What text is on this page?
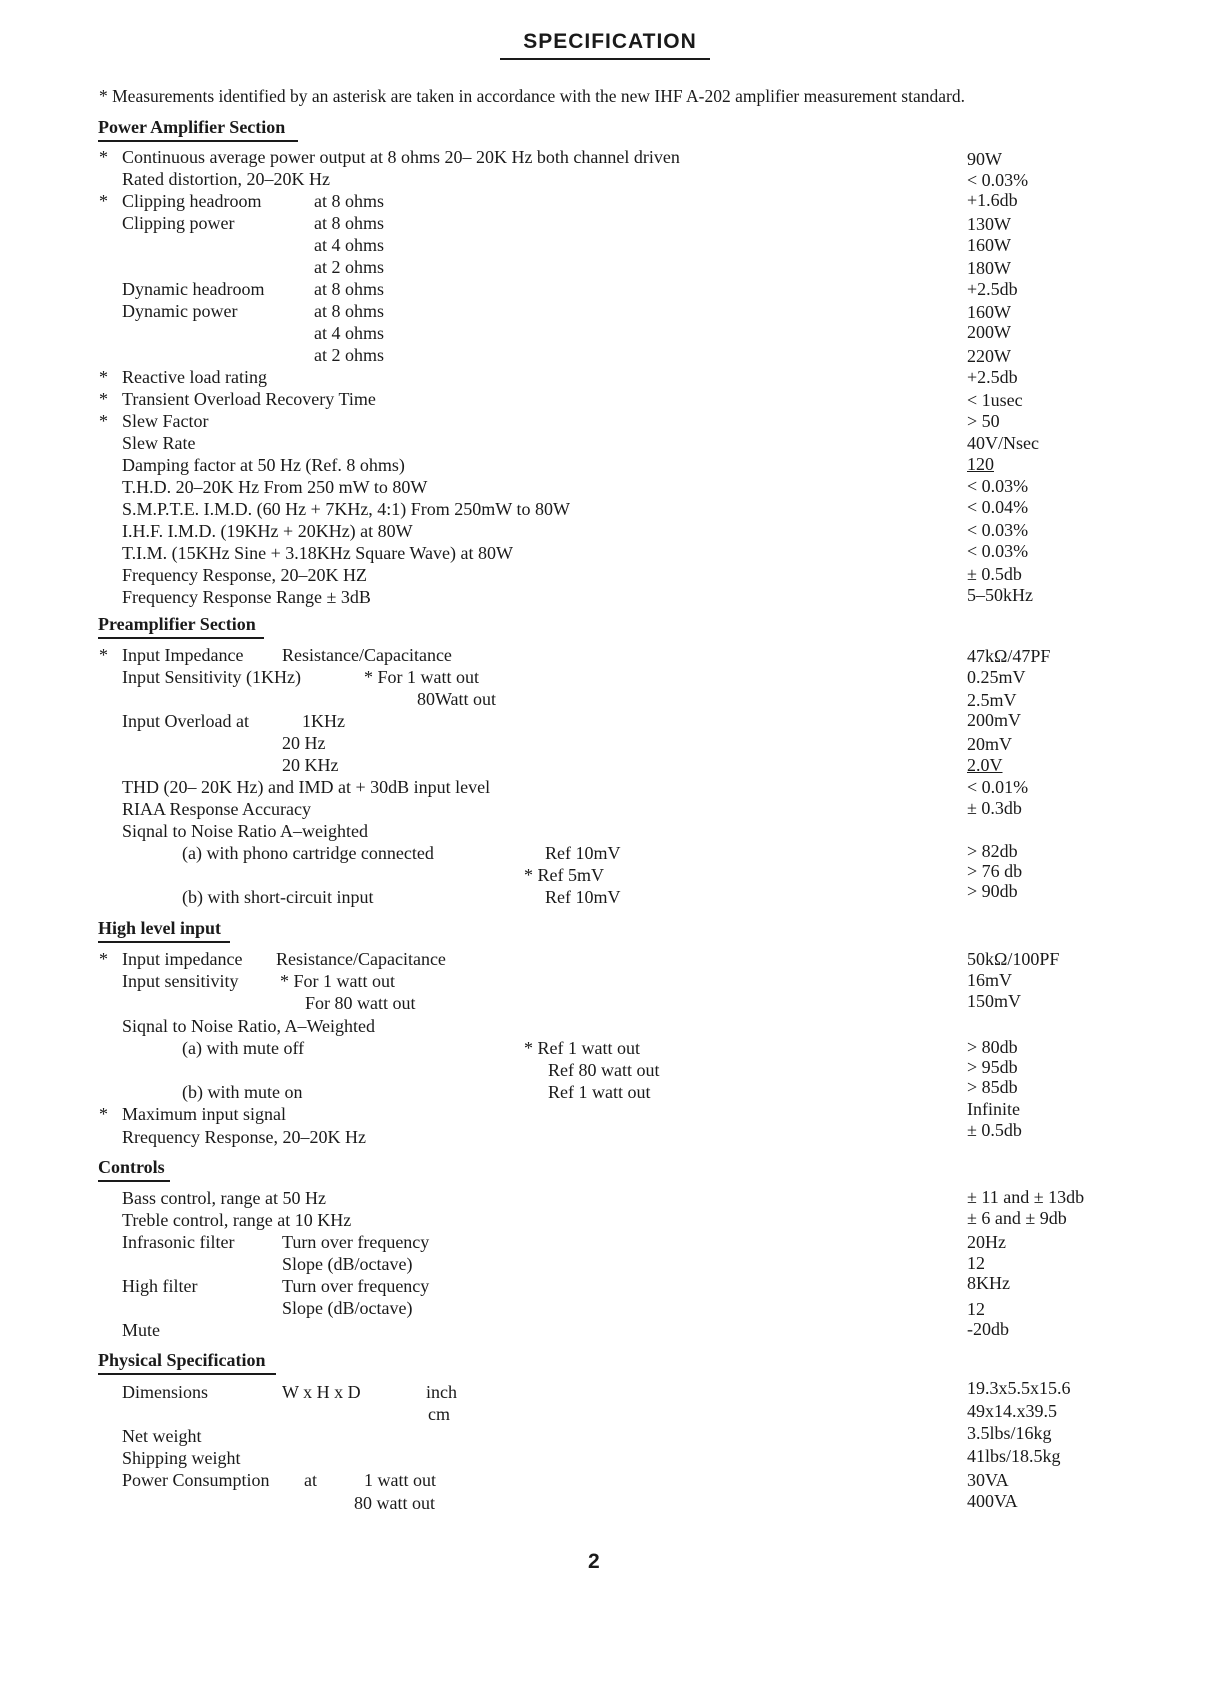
SPECIFICATION
* Measurements identified by an asterisk are taken in accordance with the new IHF A-202 amplifier measurement standard.
Power Amplifier Section
* Continuous average power output at 8 ohms 20– 20K Hz both channel driven	90W
Rated distortion, 20–20K Hz	< 0.03%
* Clipping headroom	at 8 ohms	+1.6db
Clipping power	at 8 ohms	130W
at 4 ohms	160W
at 2 ohms	180W
Dynamic headroom	at 8 ohms	+2.5db
Dynamic power	at 8 ohms	160W
at 4 ohms	200W
at 2 ohms	220W
* Reactive load rating	+2.5db
* Transient Overload Recovery Time	< 1usec
* Slew Factor	> 50
Slew Rate	40V/Nsec
Damping factor at 50 Hz (Ref. 8 ohms)	120
T.H.D. 20–20K Hz From 250 mW to 80W	< 0.03%
S.M.P.T.E. I.M.D. (60 Hz + 7KHz, 4:1) From 250mW to 80W	< 0.04%
I.H.F. I.M.D. (19KHz + 20KHz) at 80W	< 0.03%
T.I.M. (15KHz Sine + 3.18KHz Square Wave) at 80W	< 0.03%
Frequency Response, 20–20K HZ	± 0.5db
Frequency Response Range ± 3dB	5–50kHz
Preamplifier Section
* Input Impedance Resistance/Capacitance	47kΩ/47PF
Input Sensitivity (1KHz)	* For 1 watt out	0.25mV
80Watt out	2.5mV
Input Overload at	1KHz	200mV
20 Hz	20mV
20 KHz	2.0V
THD (20– 20K Hz) and IMD at + 30dB input level	< 0.01%
RIAA Response Accuracy	± 0.3db
Siqnal to Noise Ratio A–weighted
(a) with phono cartridge connected	Ref 10mV	> 82db
* Ref 5mV	> 76 db
(b) with short-circuit input	Ref 10mV	> 90db
High level input
* Input impedance Resistance/Capacitance	50kΩ/100PF
Input sensitivity * For 1 watt out	16mV
For 80 watt out	150mV
Siqnal to Noise Ratio, A–Weighted
(a) with mute off	* Ref 1 watt out	> 80db
Ref 80 watt out	> 95db
(b) with mute on	Ref 1 watt out	> 85db
* Maximum input signal	Infinite
Rrequency Response, 20–20K Hz	± 0.5db
Controls
Bass control, range at 50 Hz	± 11 and ± 13db
Treble control, range at 10 KHz	± 6 and ± 9db
Infrasonic filter	Turn over frequency	20Hz
Slope (dB/octave)	12
High filter	Turn over frequency	8KHz
Slope (dB/octave)	12
Mute	-20db
Physical Specification
Dimensions	W x H x D	inch	19.3x5.5x15.6
cm	49x14.x39.5
Net weight	3.5lbs/16kg
Shipping weight	41lbs/18.5kg
Power Consumption at	1 watt out	30VA
80 watt out	400VA
2
